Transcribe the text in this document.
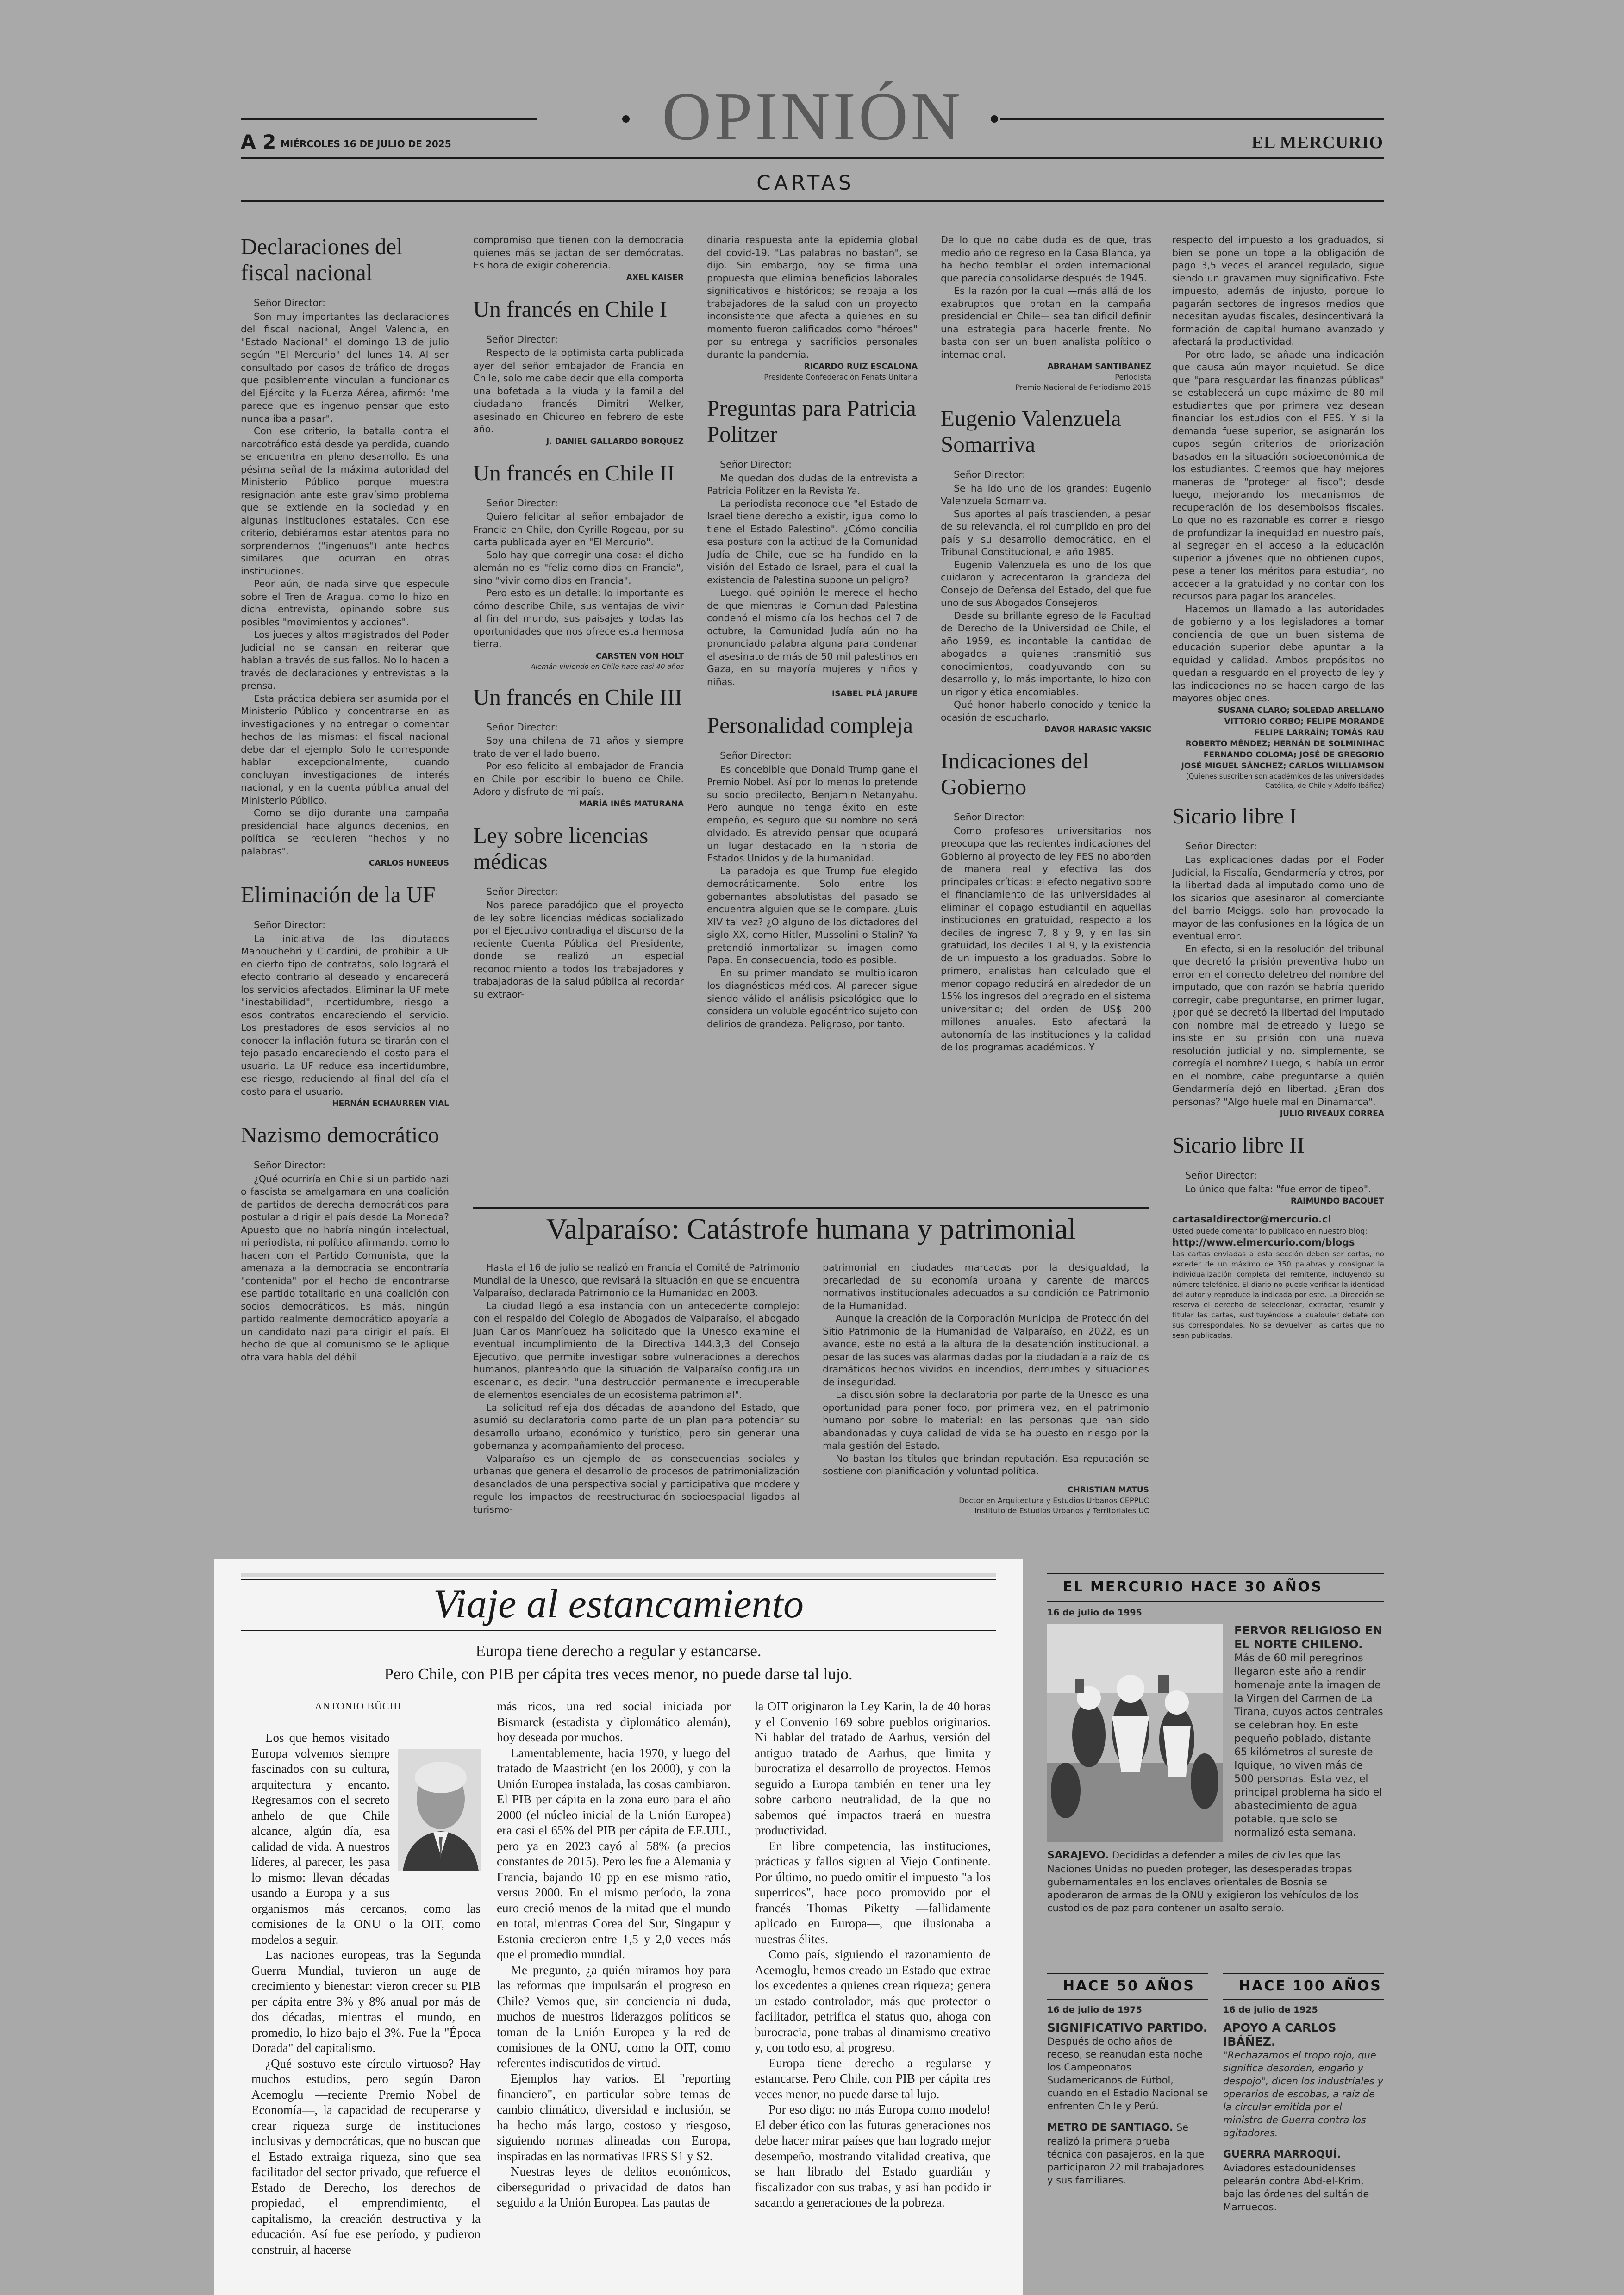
OPINIÓN
A 2 MIÉRCOLES 16 DE JULIO DE 2025	EL MERCURIO
CARTAS
Declaraciones del fiscal nacional

Señor Director:

Son muy importantes las declaraciones del fiscal nacional, Ángel Valencia, en "Estado Nacional" el domingo 13 de julio según "El Mercurio" del lunes 14. Al ser consultado por casos de tráfico de drogas que posiblemente vinculan a funcionarios del Ejército y la Fuerza Aérea, afirmó: "me parece que es ingenuo pensar que esto nunca iba a pasar".

Con ese criterio, la batalla contra el narcotráfico está desde ya perdida, cuando se encuentra en pleno desarrollo. Es una pésima señal de la máxima autoridad del Ministerio Público porque muestra resignación ante este gravísimo problema que se extiende en la sociedad y en algunas instituciones estatales. Con ese criterio, debiéramos estar atentos para no sorprendernos ("ingenuos") ante hechos similares que ocurran en otras instituciones.

Peor aún, de nada sirve que especule sobre el Tren de Aragua, como lo hizo en dicha entrevista, opinando sobre sus posibles "movimientos y acciones".

Los jueces y altos magistrados del Poder Judicial no se cansan en reiterar que hablan a través de sus fallos. No lo hacen a través de declaraciones y entrevistas a la prensa.

Esta práctica debiera ser asumida por el Ministerio Público y concentrarse en las investigaciones y no entregar o comentar hechos de las mismas; el fiscal nacional debe dar el ejemplo. Solo le corresponde hablar excepcionalmente, cuando concluyan investigaciones de interés nacional, y en la cuenta pública anual del Ministerio Público.

Como se dijo durante una campaña presidencial hace algunos decenios, en política se requieren "hechos y no palabras".

CARLOS HUNEEUS
Eliminación de la UF

Señor Director:

La iniciativa de los diputados Manouchehri y Cicardini, de prohibir la UF en cierto tipo de contratos, solo logrará el efecto contrario al deseado y encarecerá los servicios afectados. Eliminar la UF mete "inestabilidad", incertidumbre, riesgo a esos contratos encareciendo el servicio. Los prestadores de esos servicios al no conocer la inflación futura se tirarán con el tejo pasado encareciendo el costo para el usuario. La UF reduce esa incertidumbre, ese riesgo, reduciendo al final del día el costo para el usuario.

HERNÁN ECHAURREN VIAL
Nazismo democrático

Señor Director:

¿Qué ocurriría en Chile si un partido nazi o fascista se amalgamara en una coalición de partidos de derecha democráticos para postular a dirigir el país desde La Moneda? Apuesto que no habría ningún intelectual, ni periodista, ni político afirmando, como lo hacen con el Partido Comunista, que la amenaza a la democracia se encontraría "contenida" por el hecho de encontrarse ese partido totalitario en una coalición con socios democráticos. Es más, ningún partido realmente democrático apoyaría a un candidato nazi para dirigir el país. El hecho de que al comunismo se le aplique otra vara habla del débil

compromiso que tienen con la democracia quienes más se jactan de ser demócratas. Es hora de exigir coherencia.

AXEL KAISER
Un francés en Chile I

Señor Director:

Respecto de la optimista carta publicada ayer del señor embajador de Francia en Chile, solo me cabe decir que ella comporta una bofetada a la viuda y la familia del ciudadano francés Dimitri Welker, asesinado en Chicureo en febrero de este año.

J. DANIEL GALLARDO BÓRQUEZ
Un francés en Chile II

Señor Director:

Quiero felicitar al señor embajador de Francia en Chile, don Cyrille Rogeau, por su carta publicada ayer en "El Mercurio".

Solo hay que corregir una cosa: el dicho alemán no es "feliz como dios en Francia", sino "vivir como dios en Francia".

Pero esto es un detalle: lo importante es cómo describe Chile, sus ventajas de vivir al fin del mundo, sus paisajes y todas las oportunidades que nos ofrece esta hermosa tierra.

CARSTEN VON HOLT
Alemán viviendo en Chile hace casi 40 años
Un francés en Chile III

Señor Director:

Soy una chilena de 71 años y siempre trato de ver el lado bueno.

Por eso felicito al embajador de Francia en Chile por escribir lo bueno de Chile. Adoro y disfruto de mi país.

MARÍA INÉS MATURANA
Ley sobre licencias médicas

Señor Director:

Nos parece paradójico que el proyecto de ley sobre licencias médicas socializado por el Ejecutivo contradiga el discurso de la reciente Cuenta Pública del Presidente, donde se realizó un especial reconocimiento a todos los trabajadores y trabajadoras de la salud pública al recordar su extraor-

dinaria respuesta ante la epidemia global del covid-19. "Las palabras no bastan", se dijo. Sin embargo, hoy se firma una propuesta que elimina beneficios laborales significativos e históricos; se rebaja a los trabajadores de la salud con un proyecto inconsistente que afecta a quienes en su momento fueron calificados como "héroes" por su entrega y sacrificios personales durante la pandemia.

RICARDO RUIZ ESCALONA
Presidente Confederación Fenats Unitaria
Preguntas para Patricia Politzer

Señor Director:

Me quedan dos dudas de la entrevista a Patricia Politzer en la Revista Ya.

La periodista reconoce que "el Estado de Israel tiene derecho a existir, igual como lo tiene el Estado Palestino". ¿Cómo concilia esa postura con la actitud de la Comunidad Judía de Chile, que se ha fundido en la visión del Estado de Israel, para el cual la existencia de Palestina supone un peligro?

Luego, qué opinión le merece el hecho de que mientras la Comunidad Palestina condenó el mismo día los hechos del 7 de octubre, la Comunidad Judía aún no ha pronunciado palabra alguna para condenar el asesinato de más de 50 mil palestinos en Gaza, en su mayoría mujeres y niños y niñas.

ISABEL PLÁ JARUFE
Personalidad compleja

Señor Director:

Es concebible que Donald Trump gane el Premio Nobel. Así por lo menos lo pretende su socio predilecto, Benjamin Netanyahu. Pero aunque no tenga éxito en este empeño, es seguro que su nombre no será olvidado. Es atrevido pensar que ocupará un lugar destacado en la historia de Estados Unidos y de la humanidad.

La paradoja es que Trump fue elegido democráticamente. Solo entre los gobernantes absolutistas del pasado se encuentra alguien que se le compare. ¿Luis XIV tal vez? ¿O alguno de los dictadores del siglo XX, como Hitler, Mussolini o Stalin? Ya pretendió inmortalizar su imagen como Papa. En consecuencia, todo es posible.

En su primer mandato se multiplicaron los diagnósticos médicos. Al parecer sigue siendo válido el análisis psicológico que lo considera un voluble egocéntrico sujeto con delirios de grandeza. Peligroso, por tanto.

De lo que no cabe duda es de que, tras medio año de regreso en la Casa Blanca, ya ha hecho temblar el orden internacional que parecía consolidarse después de 1945.

Es la razón por la cual —más allá de los exabruptos que brotan en la campaña presidencial en Chile— sea tan difícil definir una estrategia para hacerle frente. No basta con ser un buen analista político o internacional.

ABRAHAM SANTIBÁÑEZ
Periodista
Premio Nacional de Periodismo 2015
Eugenio Valenzuela Somarriva

Señor Director:

Se ha ido uno de los grandes: Eugenio Valenzuela Somarriva.

Sus aportes al país trascienden, a pesar de su relevancia, el rol cumplido en pro del país y su desarrollo democrático, en el Tribunal Constitucional, el año 1985.

Eugenio Valenzuela es uno de los que cuidaron y acrecentaron la grandeza del Consejo de Defensa del Estado, del que fue uno de sus Abogados Consejeros.

Desde su brillante egreso de la Facultad de Derecho de la Universidad de Chile, el año 1959, es incontable la cantidad de abogados a quienes transmitió sus conocimientos, coadyuvando con su desarrollo y, lo más importante, lo hizo con un rigor y ética encomiables.

Qué honor haberlo conocido y tenido la ocasión de escucharlo.

DAVOR HARASIC YAKSIC
Indicaciones del Gobierno

Señor Director:

Como profesores universitarios nos preocupa que las recientes indicaciones del Gobierno al proyecto de ley FES no aborden de manera real y efectiva las dos principales críticas: el efecto negativo sobre el financiamiento de las universidades al eliminar el copago estudiantil en aquellas instituciones en gratuidad, respecto a los deciles de ingreso 7, 8 y 9, y en las sin gratuidad, los deciles 1 al 9, y la existencia de un impuesto a los graduados. Sobre lo primero, analistas han calculado que el menor copago reducirá en alrededor de un 15% los ingresos del pregrado en el sistema universitario; del orden de US$ 200 millones anuales. Esto afectará la autonomía de las instituciones y la calidad de los programas académicos. Y

respecto del impuesto a los graduados, si bien se pone un tope a la obligación de pago 3,5 veces el arancel regulado, sigue siendo un gravamen muy significativo. Este impuesto, además de injusto, porque lo pagarán sectores de ingresos medios que necesitan ayudas fiscales, desincentivará la formación de capital humano avanzado y afectará la productividad.

Por otro lado, se añade una indicación que causa aún mayor inquietud. Se dice que "para resguardar las finanzas públicas" se establecerá un cupo máximo de 80 mil estudiantes que por primera vez desean financiar los estudios con el FES. Y si la demanda fuese superior, se asignarán los cupos según criterios de priorización basados en la situación socioeconómica de los estudiantes. Creemos que hay mejores maneras de "proteger al fisco"; desde luego, mejorando los mecanismos de recuperación de los desembolsos fiscales. Lo que no es razonable es correr el riesgo de profundizar la inequidad en nuestro país, al segregar en el acceso a la educación superior a jóvenes que no obtienen cupos, pese a tener los méritos para estudiar, no acceder a la gratuidad y no contar con los recursos para pagar los aranceles.

Hacemos un llamado a las autoridades de gobierno y a los legisladores a tomar conciencia de que un buen sistema de educación superior debe apuntar a la equidad y calidad. Ambos propósitos no quedan a resguardo en el proyecto de ley y las indicaciones no se hacen cargo de las mayores objeciones.

SUSANA CLARO; SOLEDAD ARELLANO
VITTORIO CORBO; FELIPE MORANDÉ
FELIPE LARRAÍN; TOMÁS RAU
ROBERTO MÉNDEZ; HERNÁN DE SOLMINIHAC
FERNANDO COLOMA; JOSÉ DE GREGORIO
JOSÉ MIGUEL SÁNCHEZ; CARLOS WILLIAMSON
(Quienes suscriben son académicos de las universidades Católica, de Chile y Adolfo Ibáñez)
Sicario libre I

Señor Director:

Las explicaciones dadas por el Poder Judicial, la Fiscalía, Gendarmería y otros, por la libertad dada al imputado como uno de los sicarios que asesinaron al comerciante del barrio Meiggs, solo han provocado la mayor de las confusiones en la lógica de un eventual error.

En efecto, si en la resolución del tribunal que decretó la prisión preventiva hubo un error en el correcto deletreo del nombre del imputado, que con razón se habría querido corregir, cabe preguntarse, en primer lugar, ¿por qué se decretó la libertad del imputado con nombre mal deletreado y luego se insiste en su prisión con una nueva resolución judicial y no, simplemente, se corregía el nombre? Luego, si había un error en el nombre, cabe preguntarse a quién Gendarmería dejó en libertad. ¿Eran dos personas? "Algo huele mal en Dinamarca".

JULIO RIVEAUX CORREA
Sicario libre II

Señor Director:

Lo único que falta: "fue error de tipeo".

RAIMUNDO BACQUET
cartasaldirector@mercurio.cl
Usted puede comentar lo publicado en nuestro blog:
http://www.elmercurio.com/blogs
Las cartas enviadas a esta sección deben ser cortas, no exceder de un máximo de 350 palabras y consignar la individualización completa del remitente, incluyendo su número telefónico. El diario no puede verificar la identidad del autor y reproduce la indicada por este. La Dirección se reserva el derecho de seleccionar, extractar, resumir y titular las cartas, sustituyéndose a cualquier debate con sus correspondales. No se devuelven las cartas que no sean publicadas.
Valparaíso: Catástrofe humana y patrimonial

Hasta el 16 de julio se realizó en Francia el Comité de Patrimonio Mundial de la Unesco, que revisará la situación en que se encuentra Valparaíso, declarada Patrimonio de la Humanidad en 2003.

La ciudad llegó a esa instancia con un antecedente complejo: con el respaldo del Colegio de Abogados de Valparaíso, el abogado Juan Carlos Manríquez ha solicitado que la Unesco examine el eventual incumplimiento de la Directiva 144.3,3 del Consejo Ejecutivo, que permite investigar sobre vulneraciones a derechos humanos, planteando que la situación de Valparaíso configura un escenario, es decir, "una destrucción permanente e irrecuperable de elementos esenciales de un ecosistema patrimonial".

La solicitud refleja dos décadas de abandono del Estado, que asumió su declaratoria como parte de un plan para potenciar su desarrollo urbano, económico y turístico, pero sin generar una gobernanza y acompañamiento del proceso.

Valparaíso es un ejemplo de las consecuencias sociales y urbanas que genera el desarrollo de procesos de patrimonialización desanclados de una perspectiva social y participativa que modere y regule los impactos de reestructuración socioespacial ligados al turismo-

patrimonial en ciudades marcadas por la desigualdad, la precariedad de su economía urbana y carente de marcos normativos institucionales adecuados a su condición de Patrimonio de la Humanidad.

Aunque la creación de la Corporación Municipal de Protección del Sitio Patrimonio de la Humanidad de Valparaíso, en 2022, es un avance, este no está a la altura de la desatención institucional, a pesar de las sucesivas alarmas dadas por la ciudadanía a raíz de los dramáticos hechos vividos en incendios, derrumbes y situaciones de inseguridad.

La discusión sobre la declaratoria por parte de la Unesco es una oportunidad para poner foco, por primera vez, en el patrimonio humano por sobre lo material: en las personas que han sido abandonadas y cuya calidad de vida se ha puesto en riesgo por la mala gestión del Estado.

No bastan los títulos que brindan reputación. Esa reputación se sostiene con planificación y voluntad política.

CHRISTIAN MATUS
Doctor en Arquitectura y Estudios Urbanos CEPPUC
Instituto de Estudios Urbanos y Territoriales UC
Viaje al estancamiento
Europa tiene derecho a regular y estancarse.
Pero Chile, con PIB per cápita tres veces menor, no puede darse tal lujo.
ANTONIO BÜCHI

Los que hemos visitado Europa volvemos siempre fascinados con su cultura, arquitectura y encanto. Regresamos con el secreto anhelo de que Chile alcance, algún día, esa calidad de vida. A nuestros líderes, al parecer, les pasa lo mismo: llevan décadas usando a Europa y a sus organismos más cercanos, como las comisiones de la ONU o la OIT, como modelos a seguir.

Las naciones europeas, tras la Segunda Guerra Mundial, tuvieron un auge de crecimiento y bienestar: vieron crecer su PIB per cápita entre 3% y 8% anual por más de dos décadas, mientras el mundo, en promedio, lo hizo bajo el 3%. Fue la "Época Dorada" del capitalismo.

¿Qué sostuvo este círculo virtuoso? Hay muchos estudios, pero según Daron Acemoglu —reciente Premio Nobel de Economía—, la capacidad de recuperarse y crear riqueza surge de instituciones inclusivas y democráticas, que no buscan que el Estado extraiga riqueza, sino que sea facilitador del sector privado, que refuerce el Estado de Derecho, los derechos de propiedad, el emprendimiento, el capitalismo, la creación destructiva y la educación. Así fue ese período, y pudieron construir, al hacerse

más ricos, una red social iniciada por Bismarck (estadista y diplomático alemán), hoy deseada por muchos.

Lamentablemente, hacia 1970, y luego del tratado de Maastricht (en los 2000), y con la Unión Europea instalada, las cosas cambiaron. El PIB per cápita en la zona euro para el año 2000 (el núcleo inicial de la Unión Europea) era casi el 65% del PIB per cápita de EE.UU., pero ya en 2023 cayó al 58% (a precios constantes de 2015). Pero les fue a Alemania y Francia, bajando 10 pp en ese mismo ratio, versus 2000. En el mismo período, la zona euro creció menos de la mitad que el mundo en total, mientras Corea del Sur, Singapur y Estonia crecieron entre 1,5 y 2,0 veces más que el promedio mundial.

Me pregunto, ¿a quién miramos hoy para las reformas que impulsarán el progreso en Chile? Vemos que, sin conciencia ni duda, muchos de nuestros liderazgos políticos se toman de la Unión Europea y la red de comisiones de la ONU, como la OIT, como referentes indiscutidos de virtud.

Ejemplos hay varios. El "reporting financiero", en particular sobre temas de cambio climático, diversidad e inclusión, se ha hecho más largo, costoso y riesgoso, siguiendo normas alineadas con Europa, inspiradas en las normativas IFRS S1 y S2.

Nuestras leyes de delitos económicos, ciberseguridad o privacidad de datos han seguido a la Unión Europea. Las pautas de

la OIT originaron la Ley Karin, la de 40 horas y el Convenio 169 sobre pueblos originarios. Ni hablar del tratado de Aarhus, versión del antiguo tratado de Aarhus, que limita y burocratiza el desarrollo de proyectos. Hemos seguido a Europa también en tener una ley sobre carbono neutralidad, de la que no sabemos qué impactos traerá en nuestra productividad.

En libre competencia, las instituciones, prácticas y fallos siguen al Viejo Continente. Por último, no puedo omitir el impuesto "a los superricos", hace poco promovido por el francés Thomas Piketty —fallidamente aplicado en Europa—, que ilusionaba a nuestras élites.

Como país, siguiendo el razonamiento de Acemoglu, hemos creado un Estado que extrae los excedentes a quienes crean riqueza; genera un estado controlador, más que protector o facilitador, petrifica el status quo, ahoga con burocracia, pone trabas al dinamismo creativo y, con todo eso, al progreso.

Europa tiene derecho a regularse y estancarse. Pero Chile, con PIB per cápita tres veces menor, no puede darse tal lujo.

Por eso digo: no más Europa como modelo! El deber ético con las futuras generaciones nos debe hacer mirar países que han logrado mejor desempeño, mostrando vitalidad creativa, que se han librado del Estado guardián y fiscalizador con sus trabas, y así han podido ir sacando a generaciones de la pobreza.

EL MERCURIO HACE 30 AÑOS
16 de julio de 1995
FERVOR RELIGIOSO EN EL NORTE CHILENO. Más de 60 mil peregrinos llegaron este año a rendir homenaje ante la imagen de la Virgen del Carmen de La Tirana, cuyos actos centrales se celebran hoy. En este pequeño poblado, distante 65 kilómetros al sureste de Iquique, no viven más de 500 personas. Esta vez, el principal problema ha sido el abastecimiento de agua potable, que solo se normalizó esta semana.
SARAJEVO. Decididas a defender a miles de civiles que las Naciones Unidas no pueden proteger, las desesperadas tropas gubernamentales en los enclaves orientales de Bosnia se apoderaron de armas de la ONU y exigieron los vehículos de los custodios de paz para contener un asalto serbio.
HACE 50 AÑOS
16 de julio de 1975
SIGNIFICATIVO PARTIDO.
Después de ocho años de receso, se reanudan esta noche los Campeonatos Sudamericanos de Fútbol, cuando en el Estadio Nacional se enfrenten Chile y Perú.
METRO DE SANTIAGO. Se realizó la primera prueba técnica con pasajeros, en la que participaron 22 mil trabajadores y sus familiares.
HACE 100 AÑOS
16 de julio de 1925
APOYO A CARLOS IBÁÑEZ.
"Rechazamos el tropo rojo, que significa desorden, engaño y despojo", dicen los industriales y operarios de escobas, a raíz de la circular emitida por el ministro de Guerra contra los agitadores.
GUERRA MARROQUÍ.
Aviadores estadounidenses pelearán contra Abd-el-Krim, bajo las órdenes del sultán de Marruecos.
